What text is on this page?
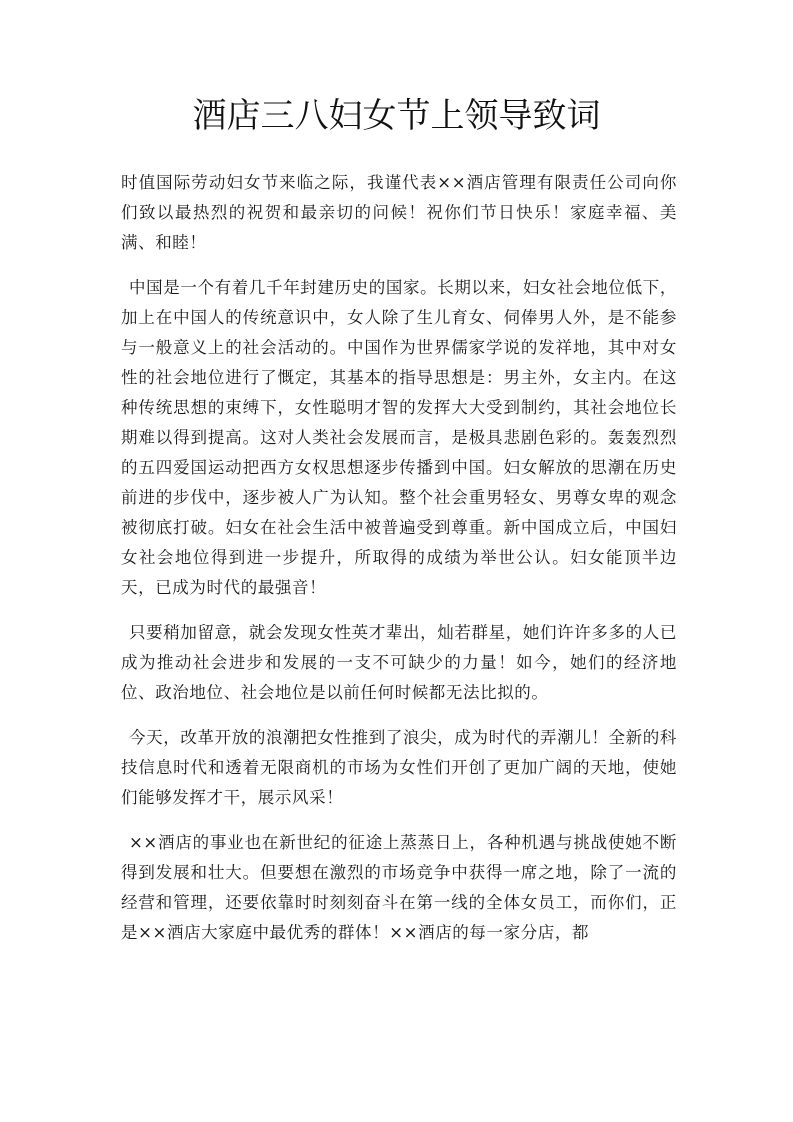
酒店三八妇女节上领导致词

时值国际劳动妇女节来临之际，我谨代表××酒店管理有限责任公司向你们致以最热烈的祝贺和最亲切的问候！祝你们节日快乐！家庭幸福、美满、和睦！

中国是一个有着几千年封建历史的国家。长期以来，妇女社会地位低下，加上在中国人的传统意识中，女人除了生儿育女、伺俸男人外，是不能参与一般意义上的社会活动的。中国作为世界儒家学说的发祥地，其中对女性的社会地位进行了慨定，其基本的指导思想是：男主外，女主内。在这种传统思想的束缚下，女性聪明才智的发挥大大受到制约，其社会地位长期难以得到提高。这对人类社会发展而言，是极具悲剧色彩的。轰轰烈烈的五四爱国运动把西方女权思想逐步传播到中国。妇女解放的思潮在历史前进的步伐中，逐步被人广为认知。整个社会重男轻女、男尊女卑的观念被彻底打破。妇女在社会生活中被普遍受到尊重。新中国成立后，中国妇女社会地位得到进一步提升，所取得的成绩为举世公认。妇女能顶半边天，已成为时代的最强音！

只要稍加留意，就会发现女性英才辈出，灿若群星，她们许许多多的人已成为推动社会进步和发展的一支不可缺少的力量！如今，她们的经济地位、政治地位、社会地位是以前任何时候都无法比拟的。

今天，改革开放的浪潮把女性推到了浪尖，成为时代的弄潮儿！全新的科技信息时代和透着无限商机的市场为女性们开创了更加广阔的天地，使她们能够发挥才干，展示风采！

××酒店的事业也在新世纪的征途上蒸蒸日上，各种机遇与挑战使她不断得到发展和壮大。但要想在激烈的市场竞争中获得一席之地，除了一流的经营和管理，还要依靠时时刻刻奋斗在第一线的全体女员工，而你们，正是××酒店大家庭中最优秀的群体！××酒店的每一家分店，都
